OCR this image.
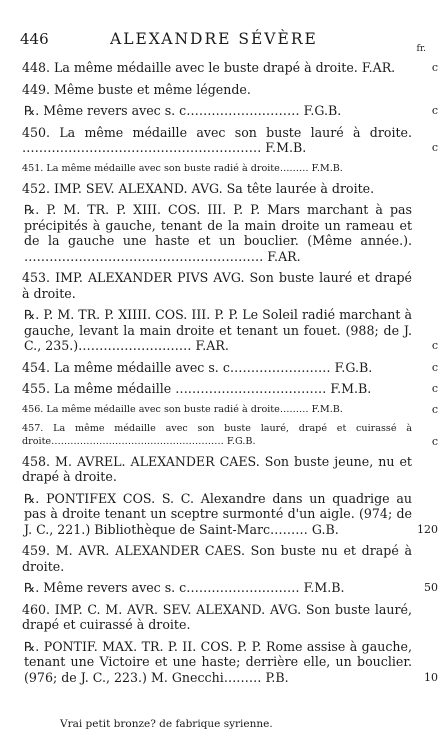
446	ALEXANDRE SÉVÈRE
fr.
448. La même médaille avec le buste drapé à droite. F.AR.	c
449. Même buste et même légende.
℞. Même revers avec s. c……………………… F.G.B.	c
450. La même médaille avec son buste lauré à droite. ………………………………………………… F.M.B.	c
451. La même médaille avec son buste radié à droite……… F.M.B.
452. IMP. SEV. ALEXAND. AVG. Sa tête laurée à droite.
℞. P. M. TR. P. XIII. COS. III. P. P. Mars marchant à pas précipités à gauche, tenant de la main droite un rameau et de la gauche une haste et un bouclier. (Même année.). ………………………………………………… F.AR.
453. IMP. ALEXANDER PIVS AVG. Son buste lauré et drapé à droite.
℞. P. M. TR. P. XIIII. COS. III. P. P. Le Soleil radié marchant à gauche, levant la main droite et tenant un fouet. (988; de J. C., 235.)……………………… F.AR.	c
454. La même médaille avec s. c…………………… F.G.B.	c
455. La même médaille ……………………………… F.M.B.	c
456. La même médaille avec son buste radié à droite……… F.M.B.	c
457. La même médaille avec son buste lauré, drapé et cuirassé à droite……………………………………………… F.G.B.	c
458. M. AVREL. ALEXANDER CAES. Son buste jeune, nu et drapé à droite.
℞. PONTIFEX COS. S. C. Alexandre dans un quadrige au pas à droite tenant un sceptre surmonté d'un aigle. (974; de J. C., 221.) Bibliothèque de Saint-Marc……… G.B.	120
459. M. AVR. ALEXANDER CAES. Son buste nu et drapé à droite.
℞. Même revers avec s. c……………………… F.M.B.	50
460. IMP. C. M. AVR. SEV. ALEXAND. AVG. Son buste lauré, drapé et cuirassé à droite.
℞. PONTIF. MAX. TR. P. II. COS. P. P. Rome assise à gauche, tenant une Victoire et une haste; derrière elle, un bouclier. (976; de J. C., 223.) M. Gnecchi……… P.B.	10
Vrai petit bronze? de fabrique syrienne.
